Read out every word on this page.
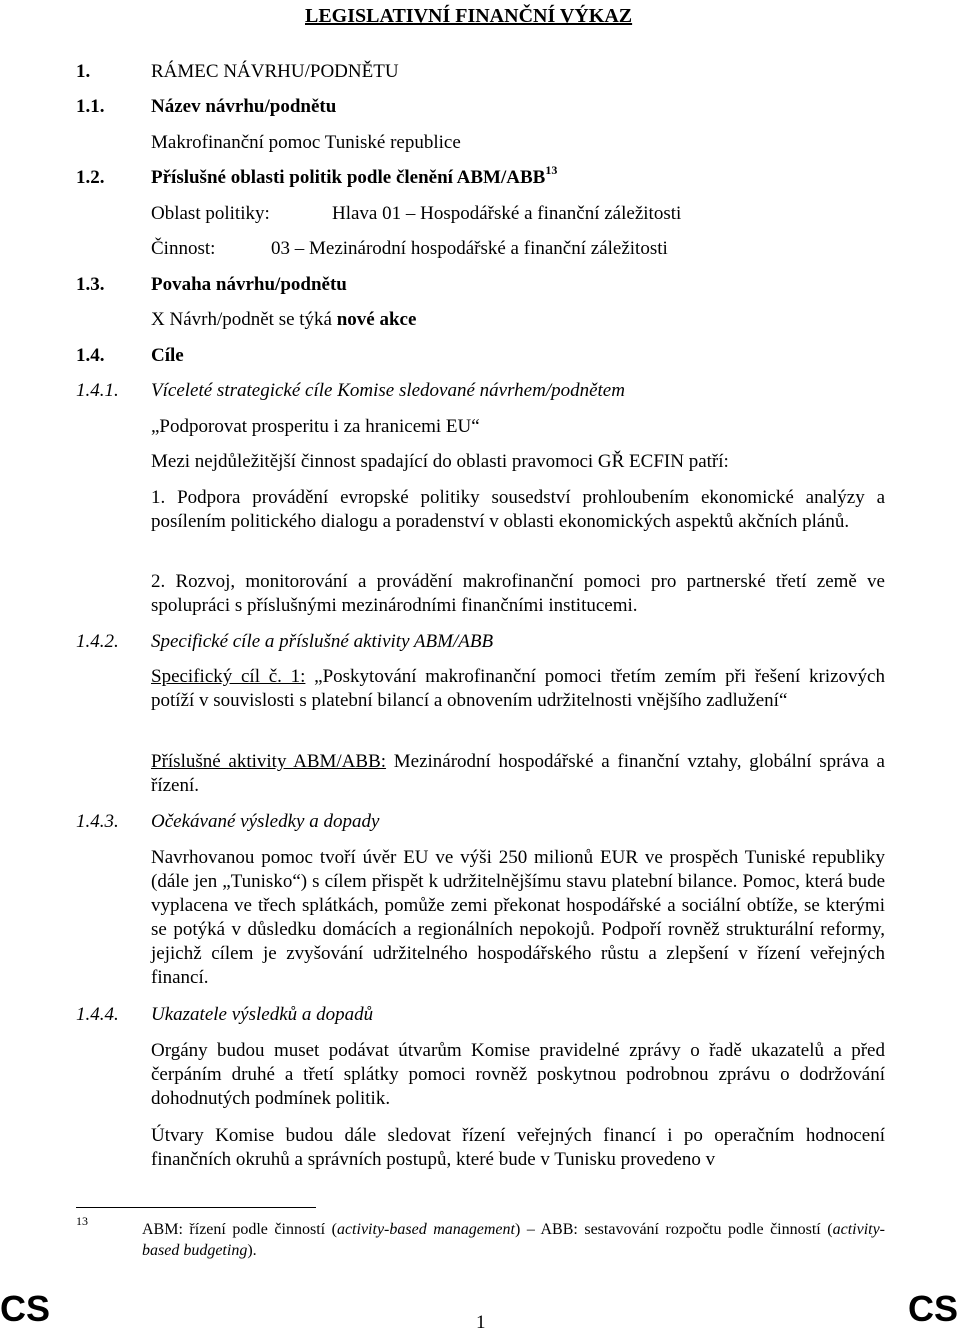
LEGISLATIVNÍ FINANČNÍ VÝKAZ
1.	RÁMEC NÁVRHU/PODNĚTU
1.1. Název návrhu/podnětu
Makrofinanční pomoc Tuniské republice
1.2. Příslušné oblasti politik podle členění ABM/ABB$^{13}$
Oblast politiky:	Hlava 01 – Hospodářské a finanční záležitosti
Činnost:	03 – Mezinárodní hospodářské a finanční záležitosti
1.3. Povaha návrhu/podnětu
X Návrh/podnět se týká nové akce
1.4. Cíle
1.4.1. Víceleté strategické cíle Komise sledované návrhem/podnětem
„Podporovat prosperitu i za hranicemi EU“
Mezi nejdůležitější činnost spadající do oblasti pravomoci GŘ ECFIN patří:
1. Podpora provádění evropské politiky sousedství prohloubením ekonomické analýzy a posílením politického dialogu a poradenství v oblasti ekonomických aspektů akčních plánů.
2. Rozvoj, monitorování a provádění makrofinanční pomoci pro partnerské třetí země ve spolupráci s příslušnými mezinárodními finančními institucemi.
1.4.2. Specifické cíle a příslušné aktivity ABM/ABB
Specifický cíl č. 1: „Poskytování makrofinanční pomoci třetím zemím při řešení krizových potíží v souvislosti s platební bilancí a obnovením udržitelnosti vnějšího zadlužení“
Příslušné aktivity ABM/ABB: Mezinárodní hospodářské a finanční vztahy, globální správa a řízení.
1.4.3. Očekávané výsledky a dopady
Navrhovanou pomoc tvoří úvěr EU ve výši 250 milionů EUR ve prospěch Tuniské republiky (dále jen „Tunisko“) s cílem přispět k udržitelnějšímu stavu platební bilance. Pomoc, která bude vyplacena ve třech splátkách, pomůže zemi překonat hospodářské a sociální obtíže, se kterými se potýká v důsledku domácích a regionálních nepokojů. Podpoří rovněž strukturální reformy, jejichž cílem je zvyšování udržitelného hospodářského růstu a zlepšení v řízení veřejných financí.
1.4.4. Ukazatele výsledků a dopadů
Orgány budou muset podávat útvarům Komise pravidelné zprávy o řadě ukazatelů a před čerpáním druhé a třetí splátky pomoci rovněž poskytnou podrobnou zprávu o dodržování dohodnutých podmínek politik.
Útvary Komise budou dále sledovat řízení veřejných financí i po operačním hodnocení finančních okruhů a správních postupů, které bude v Tunisku provedeno v
13	ABM: řízení podle činností (activity-based management) – ABB: sestavování rozpočtu podle činností (activity-based budgeting).
CS	1	CS
